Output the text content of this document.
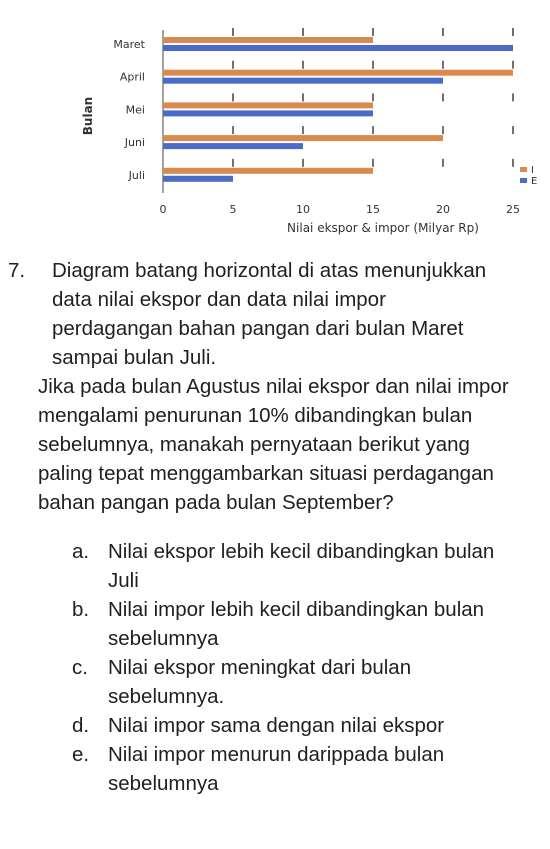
Maret
April
Mei
Juni
Juli
0	5	10	15	20	25
I
E
Bulan
Nilai ekspor & impor (Milyar Rp)
7. Diagram batang horizontal di atas menunjukkan data nilai ekspor dan data nilai impor perdagangan bahan pangan dari bulan Maret sampai bulan Juli.
Jika pada bulan Agustus nilai ekspor dan nilai impor mengalami penurunan 10% dibandingkan bulan sebelumnya, manakah pernyataan berikut yang paling tepat menggambarkan situasi perdagangan bahan pangan pada bulan September?
a. Nilai ekspor lebih kecil dibandingkan bulan Juli
b. Nilai impor lebih kecil dibandingkan bulan sebelumnya
c. Nilai ekspor meningkat dari bulan sebelumnya.
d. Nilai impor sama dengan nilai ekspor
e. Nilai impor menurun darippada bulan sebelumnya
